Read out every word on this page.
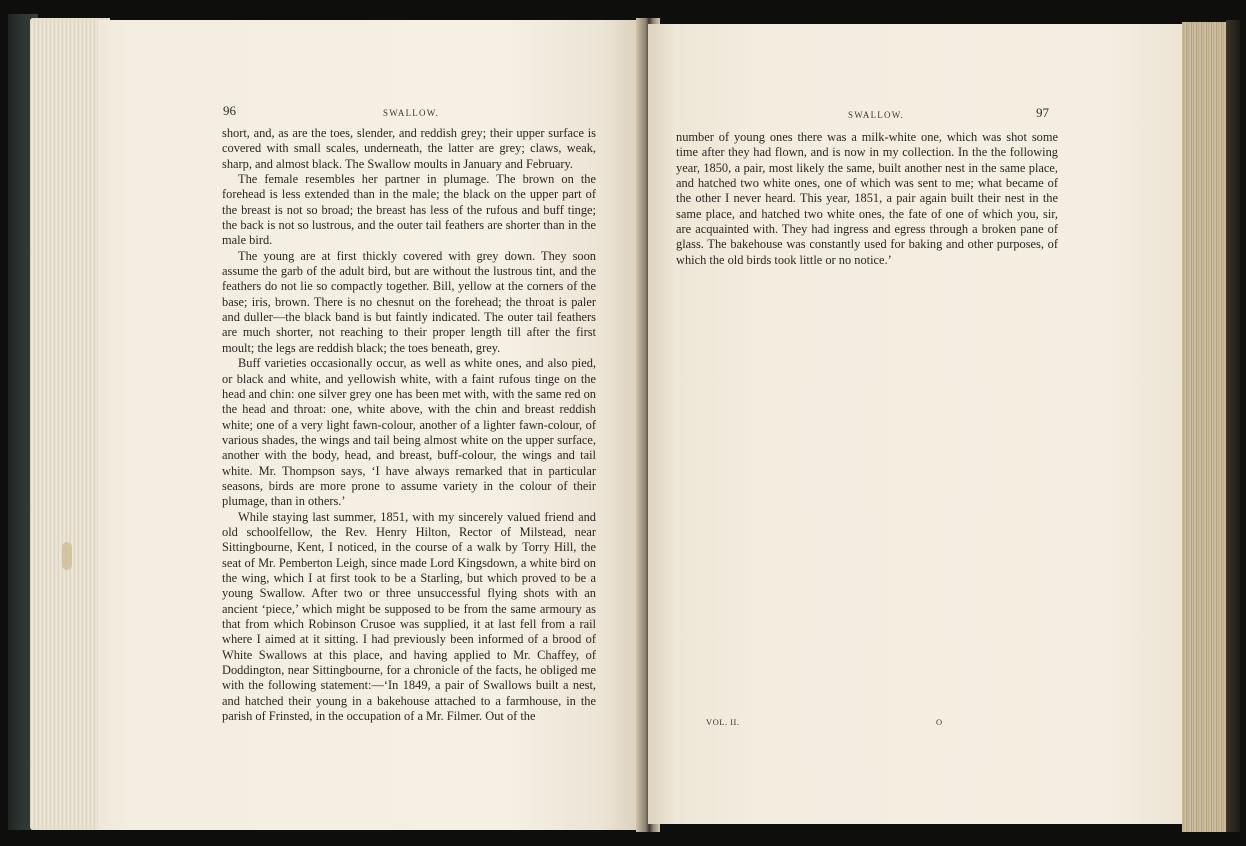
96	SWALLOW.

short, and, as are the toes, slender, and reddish grey; their upper surface is covered with small scales, underneath, the latter are grey; claws, weak, sharp, and almost black. The Swallow moults in January and February.

The female resembles her partner in plumage. The brown on the forehead is less extended than in the male; the black on the upper part of the breast is not so broad; the breast has less of the rufous and buff tinge; the back is not so lustrous, and the outer tail feathers are shorter than in the male bird.

The young are at first thickly covered with grey down. They soon assume the garb of the adult bird, but are without the lustrous tint, and the feathers do not lie so compactly together. Bill, yellow at the corners of the base; iris, brown. There is no chesnut on the forehead; the throat is paler and duller—the black band is but faintly indicated. The outer tail feathers are much shorter, not reaching to their proper length till after the first moult; the legs are reddish black; the toes beneath, grey.

Buff varieties occasionally occur, as well as white ones, and also pied, or black and white, and yellowish white, with a faint rufous tinge on the head and chin: one silver grey one has been met with, with the same red on the head and throat: one, white above, with the chin and breast reddish white; one of a very light fawn-colour, another of a lighter fawn-colour, of various shades, the wings and tail being almost white on the upper surface, another with the body, head, and breast, buff-colour, the wings and tail white. Mr. Thompson says, ‘I have always remarked that in particular seasons, birds are more prone to assume variety in the colour of their plumage, than in others.’

While staying last summer, 1851, with my sincerely valued friend and old schoolfellow, the Rev. Henry Hilton, Rector of Milstead, near Sittingbourne, Kent, I noticed, in the course of a walk by Torry Hill, the seat of Mr. Pemberton Leigh, since made Lord Kingsdown, a white bird on the wing, which I at first took to be a Starling, but which proved to be a young Swallow. After two or three unsuccessful flying shots with an ancient ‘piece,’ which might be supposed to be from the same armoury as that from which Robinson Crusoe was supplied, it at last fell from a rail where I aimed at it sitting. I had previously been informed of a brood of White Swallows at this place, and having applied to Mr. Chaffey, of Doddington, near Sittingbourne, for a chronicle of the facts, he obliged me with the following statement:—‘In 1849, a pair of Swallows built a nest, and hatched their young in a bakehouse attached to a farmhouse, in the parish of Frinsted, in the occupation of a Mr. Filmer. Out of the

SWALLOW.	97

number of young ones there was a milk-white one, which was shot some time after they had flown, and is now in my collection. In the the following year, 1850, a pair, most likely the same, built another nest in the same place, and hatched two white ones, one of which was sent to me; what became of the other I never heard. This year, 1851, a pair again built their nest in the same place, and hatched two white ones, the fate of one of which you, sir, are acquainted with. They had ingress and egress through a broken pane of glass. The bakehouse was constantly used for baking and other purposes, of which the old birds took little or no notice.’

VOL. II.	O
